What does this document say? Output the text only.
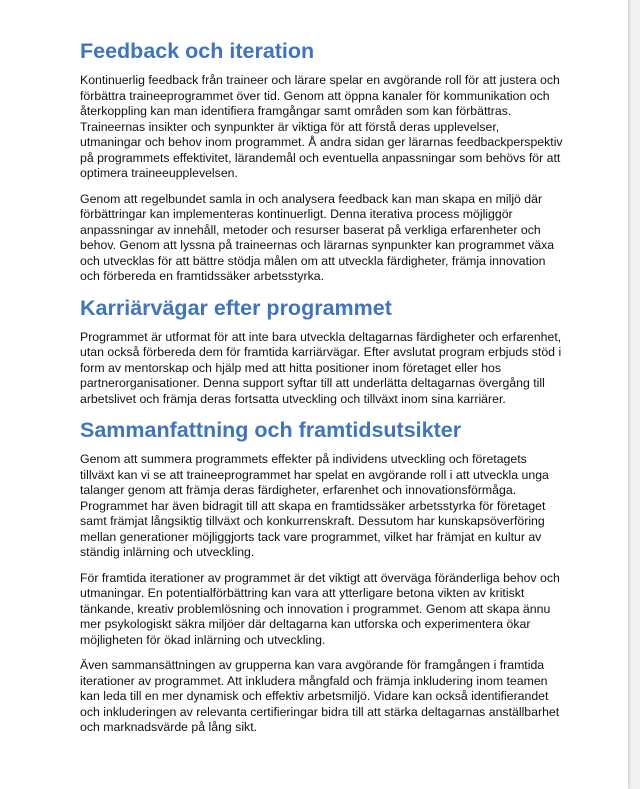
Feedback och iteration

Kontinuerlig feedback från traineer och lärare spelar en avgörande roll för att justera och förbättra traineeprogrammet över tid. Genom att öppna kanaler för kommunikation och återkoppling kan man identifiera framgångar samt områden som kan förbättras. Traineernas insikter och synpunkter är viktiga för att förstå deras upplevelser, utmaningar och behov inom programmet. Å andra sidan ger lärarnas feedbackperspektiv på programmets effektivitet, lärandemål och eventuella anpassningar som behövs för att optimera traineeupplevelsen.

Genom att regelbundet samla in och analysera feedback kan man skapa en miljö där förbättringar kan implementeras kontinuerligt. Denna iterativa process möjliggör anpassningar av innehåll, metoder och resurser baserat på verkliga erfarenheter och behov. Genom att lyssna på traineernas och lärarnas synpunkter kan programmet växa och utvecklas för att bättre stödja målen om att utveckla färdigheter, främja innovation och förbereda en framtidssäker arbetsstyrka.

Karriärvägar efter programmet

Programmet är utformat för att inte bara utveckla deltagarnas färdigheter och erfarenhet, utan också förbereda dem för framtida karriärvägar. Efter avslutat program erbjuds stöd i form av mentorskap och hjälp med att hitta positioner inom företaget eller hos partnerorganisationer. Denna support syftar till att underlätta deltagarnas övergång till arbetslivet och främja deras fortsatta utveckling och tillväxt inom sina karriärer.

Sammanfattning och framtidsutsikter

Genom att summera programmets effekter på individens utveckling och företagets tillväxt kan vi se att traineeprogrammet har spelat en avgörande roll i att utveckla unga talanger genom att främja deras färdigheter, erfarenhet och innovationsförmåga. Programmet har även bidragit till att skapa en framtidssäker arbetsstyrka för företaget samt främjat långsiktig tillväxt och konkurrenskraft. Dessutom har kunskapsöverföring mellan generationer möjliggjorts tack vare programmet, vilket har främjat en kultur av ständig inlärning och utveckling.

För framtida iterationer av programmet är det viktigt att överväga föränderliga behov och utmaningar. En potentialförbättring kan vara att ytterligare betona vikten av kritiskt tänkande, kreativ problemlösning och innovation i programmet. Genom att skapa ännu mer psykologiskt säkra miljöer där deltagarna kan utforska och experimentera ökar möjligheten för ökad inlärning och utveckling.

Även sammansättningen av grupperna kan vara avgörande för framgången i framtida iterationer av programmet. Att inkludera mångfald och främja inkludering inom teamen kan leda till en mer dynamisk och effektiv arbetsmiljö. Vidare kan också identifierandet och inkluderingen av relevanta certifieringar bidra till att stärka deltagarnas anställbarhet och marknadsvärde på lång sikt.
